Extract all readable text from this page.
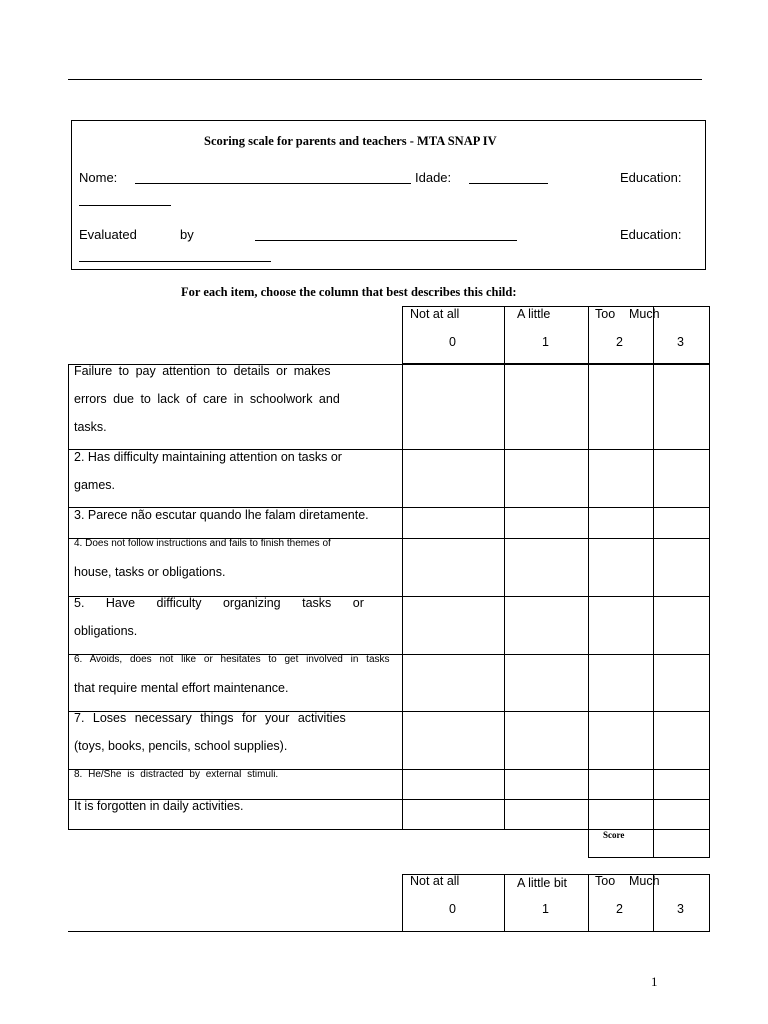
Scoring scale for parents and teachers - MTA SNAP IV
Nome:	Idade:	Education:
Evaluated	by	Education:
For each item, choose the column that best describes this child:
Score
Not at all	A little	Too Much
0	1	2	3
Failure to pay attention to details or makes
errors due to lack of care in schoolwork and
tasks.
2. Has difficulty maintaining attention on tasks or
games.
3. Parece não escutar quando lhe falam diretamente.
4. Does not follow instructions and fails to finish themes of
house, tasks or obligations.
5. Have difficulty organizing tasks or
obligations.
6. Avoids, does not like or hesitates to get involved in tasks
that require mental effort maintenance.
7. Loses necessary things for your activities
(toys, books, pencils, school supplies).
8. He/She is distracted by external stimuli.
It is forgotten in daily activities.
Not at all	A little bit Too Much
0	1	2	3
1
